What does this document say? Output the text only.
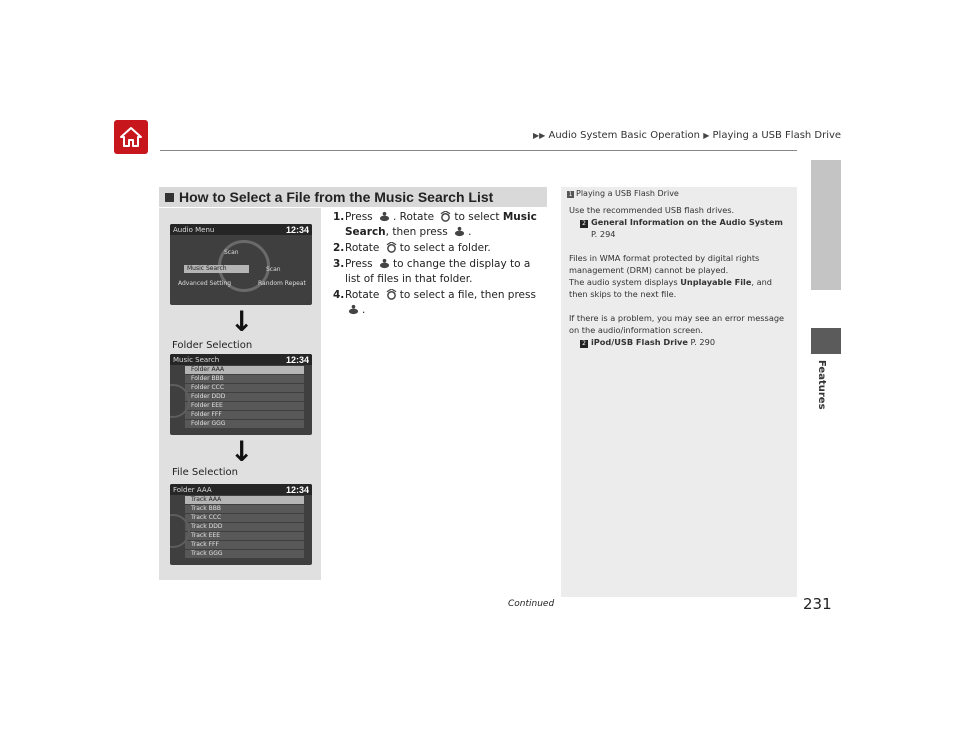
▶▶ Audio System Basic Operation ▶ Playing a USB Flash Drive
Features
How to Select a File from the Music Search List
Audio Menu	12:34
Scan
Music Search	Scan
Advanced Setting	Random Repeat
↓
Folder Selection
Music Search	12:34
Folder AAA
Folder BBB
Folder CCC
Folder DDD
Folder EEE
Folder FFF
Folder GGG
↓
File Selection
Folder AAA	12:34
Track AAA
Track BBB
Track CCC
Track DDD
Track EEE
Track FFF
Track GGG
1. Press . Rotate to select Music Search, then press .
2. Rotate to select a folder.
3. Press to change the display to a list of files in that folder.
4. Rotate to select a file, then press .
1 Playing a USB Flash Drive

Use the recommended USB flash drives.
2 General Information on the Audio System
P. 294

Files in WMA format protected by digital rights management (DRM) cannot be played.
The audio system displays Unplayable File, and then skips to the next file.

If there is a problem, you may see an error message on the audio/information screen.
2 iPod/USB Flash Drive P. 290

Continued	231
